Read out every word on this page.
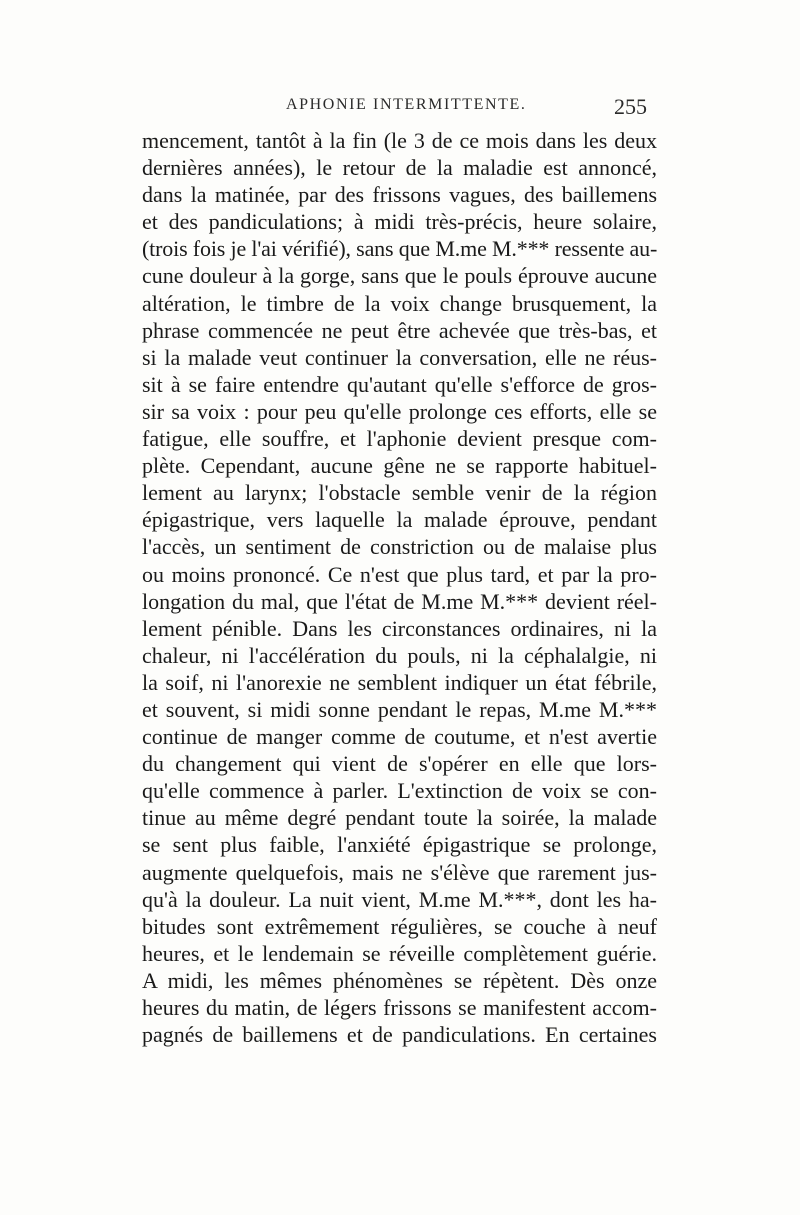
APHONIE INTERMITTENTE.	255
mencement, tantôt à la fin (le 3 de ce mois dans les deux
dernières années), le retour de la maladie est annoncé,
dans la matinée, par des frissons vagues, des baillemens
et des pandiculations; à midi très-précis, heure solaire,
(trois fois je l'ai vérifié), sans que M.me M.*** ressente au-
cune douleur à la gorge, sans que le pouls éprouve aucune
altération, le timbre de la voix change brusquement, la
phrase commencée ne peut être achevée que très-bas, et
si la malade veut continuer la conversation, elle ne réus-
sit à se faire entendre qu'autant qu'elle s'efforce de gros-
sir sa voix : pour peu qu'elle prolonge ces efforts, elle se
fatigue, elle souffre, et l'aphonie devient presque com-
plète. Cependant, aucune gêne ne se rapporte habituel-
lement au larynx; l'obstacle semble venir de la région
épigastrique, vers laquelle la malade éprouve, pendant
l'accès, un sentiment de constriction ou de malaise plus
ou moins prononcé. Ce n'est que plus tard, et par la pro-
longation du mal, que l'état de M.me M.*** devient réel-
lement pénible. Dans les circonstances ordinaires, ni la
chaleur, ni l'accélération du pouls, ni la céphalalgie, ni
la soif, ni l'anorexie ne semblent indiquer un état fébrile,
et souvent, si midi sonne pendant le repas, M.me M.***
continue de manger comme de coutume, et n'est avertie
du changement qui vient de s'opérer en elle que lors-
qu'elle commence à parler. L'extinction de voix se con-
tinue au même degré pendant toute la soirée, la malade
se sent plus faible, l'anxiété épigastrique se prolonge,
augmente quelquefois, mais ne s'élève que rarement jus-
qu'à la douleur. La nuit vient, M.me M.***, dont les ha-
bitudes sont extrêmement régulières, se couche à neuf
heures, et le lendemain se réveille complètement guérie.
A midi, les mêmes phénomènes se répètent. Dès onze
heures du matin, de légers frissons se manifestent accom-
pagnés de baillemens et de pandiculations. En certaines
